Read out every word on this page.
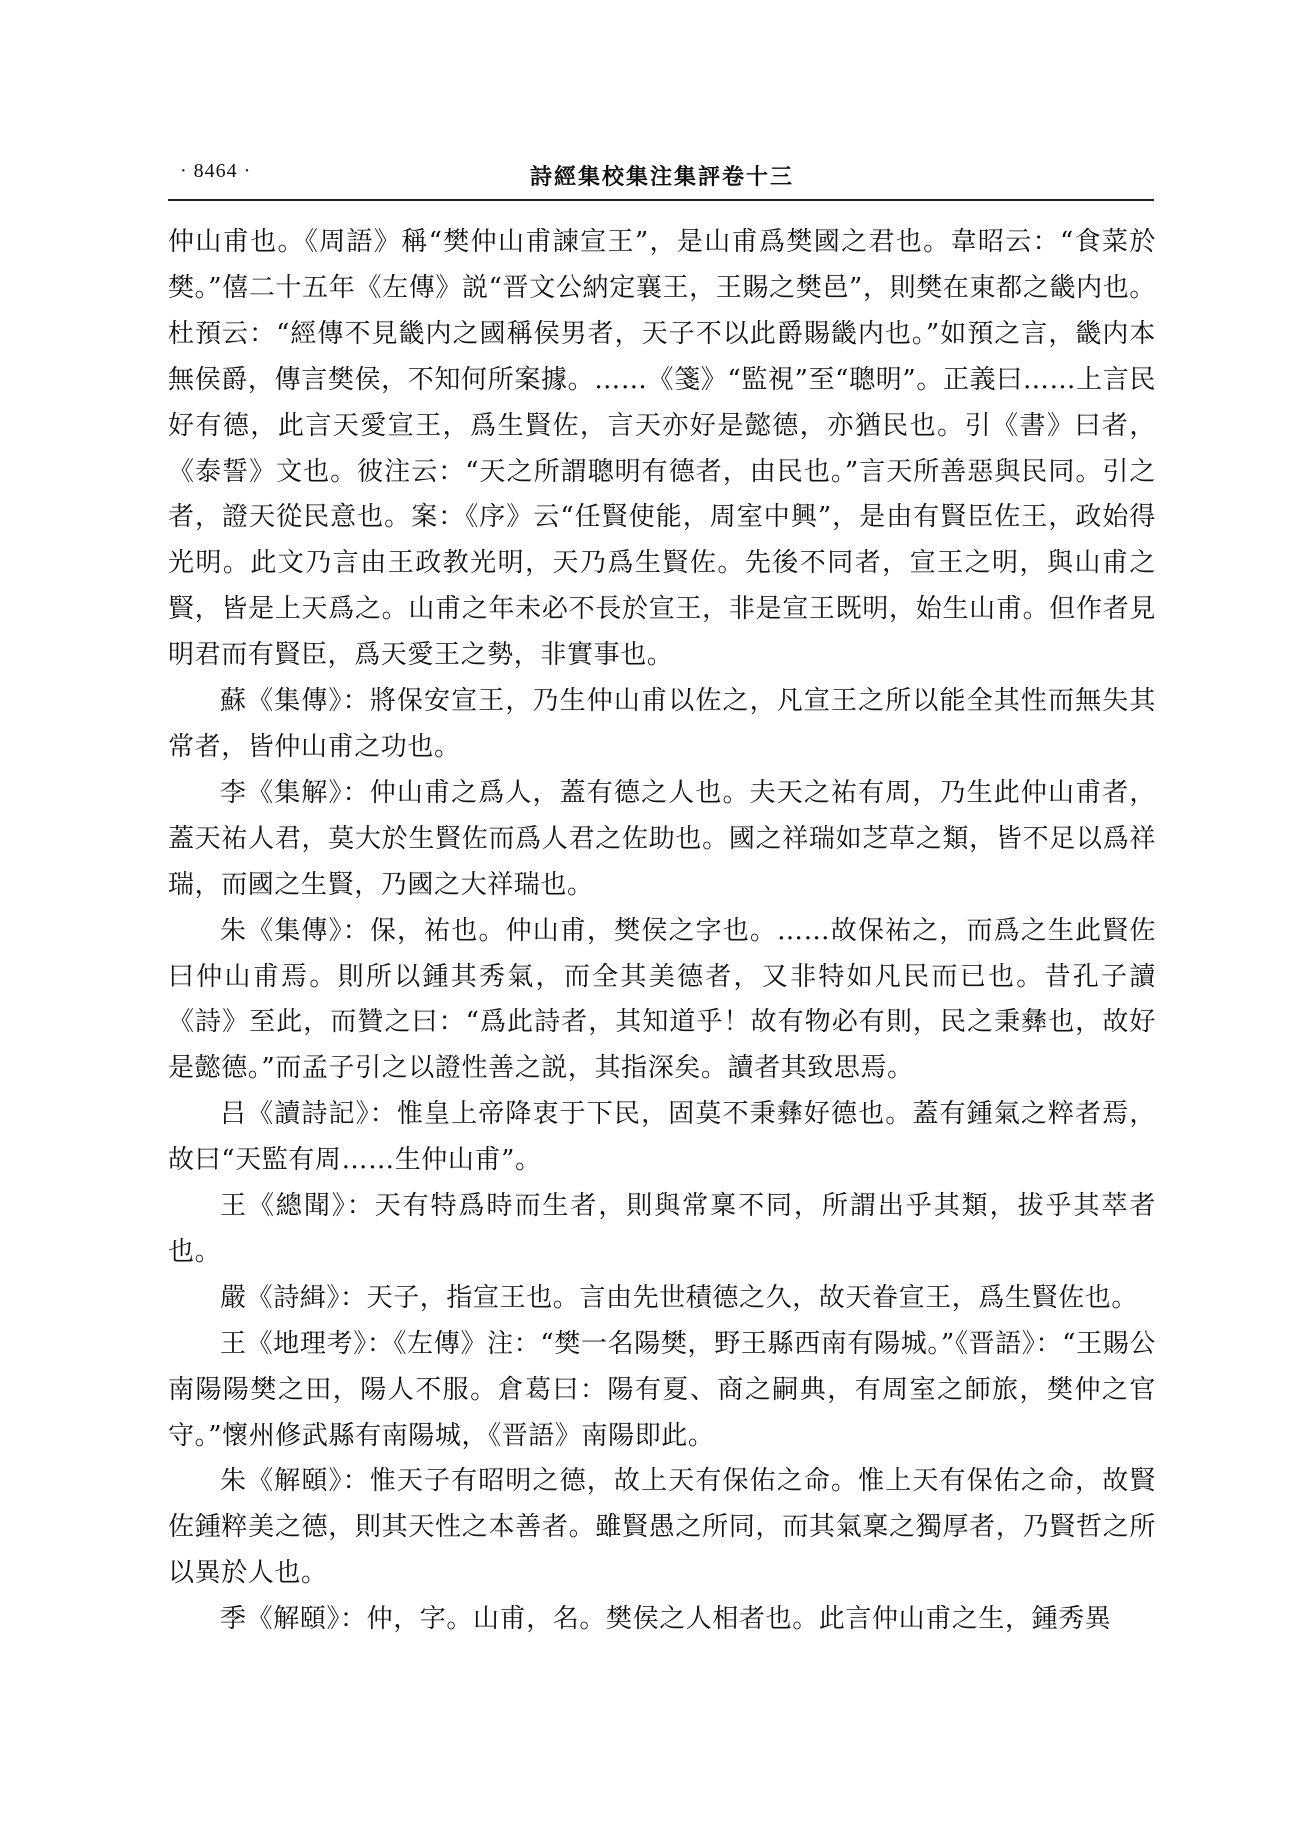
· 8464 ·	詩經集校集注集評卷十三

仲山甫也。《周語》稱“樊仲山甫諫宣王”，是山甫爲樊國之君也。韋昭云：“食菜於樊。”僖二十五年《左傳》説“晋文公納定襄王，王賜之樊邑”，則樊在東都之畿内也。杜預云：“經傳不見畿内之國稱侯男者，天子不以此爵賜畿内也。”如預之言，畿内本無侯爵，傳言樊侯，不知何所案據。……《箋》“監視”至“聰明”。正義曰……上言民好有德，此言天愛宣王，爲生賢佐，言天亦好是懿德，亦猶民也。引《書》曰者，《泰誓》文也。彼注云：“天之所謂聰明有德者，由民也。”言天所善惡與民同。引之者，證天從民意也。案：《序》云“任賢使能，周室中興”，是由有賢臣佐王，政始得光明。此文乃言由王政教光明，天乃爲生賢佐。先後不同者，宣王之明，與山甫之賢，皆是上天爲之。山甫之年未必不長於宣王，非是宣王既明，始生山甫。但作者見明君而有賢臣，爲天愛王之勢，非實事也。

蘇《集傳》：將保安宣王，乃生仲山甫以佐之，凡宣王之所以能全其性而無失其常者，皆仲山甫之功也。

李《集解》：仲山甫之爲人，蓋有德之人也。夫天之祐有周，乃生此仲山甫者，蓋天祐人君，莫大於生賢佐而爲人君之佐助也。國之祥瑞如芝草之類，皆不足以爲祥瑞，而國之生賢，乃國之大祥瑞也。

朱《集傳》：保，祐也。仲山甫，樊侯之字也。……故保祐之，而爲之生此賢佐曰仲山甫焉。則所以鍾其秀氣，而全其美德者，又非特如凡民而已也。昔孔子讀《詩》至此，而贊之曰：“爲此詩者，其知道乎！故有物必有則，民之秉彝也，故好是懿德。”而孟子引之以證性善之説，其指深矣。讀者其致思焉。

吕《讀詩記》：惟皇上帝降衷于下民，固莫不秉彝好德也。蓋有鍾氣之粹者焉，故曰“天監有周……生仲山甫”。

王《總聞》：天有特爲時而生者，則與常稟不同，所謂出乎其類，拔乎其萃者也。

嚴《詩緝》：天子，指宣王也。言由先世積德之久，故天眷宣王，爲生賢佐也。

王《地理考》：《左傳》注：“樊一名陽樊，野王縣西南有陽城。”《晋語》：“王賜公南陽陽樊之田，陽人不服。倉葛曰：陽有夏、商之嗣典，有周室之師旅，樊仲之官守。”懷州修武縣有南陽城，《晋語》南陽即此。

朱《解頤》：惟天子有昭明之德，故上天有保佑之命。惟上天有保佑之命，故賢佐鍾粹美之德，則其天性之本善者。雖賢愚之所同，而其氣稟之獨厚者，乃賢哲之所以異於人也。

季《解頤》：仲，字。山甫，名。樊侯之人相者也。此言仲山甫之生，鍾秀異
